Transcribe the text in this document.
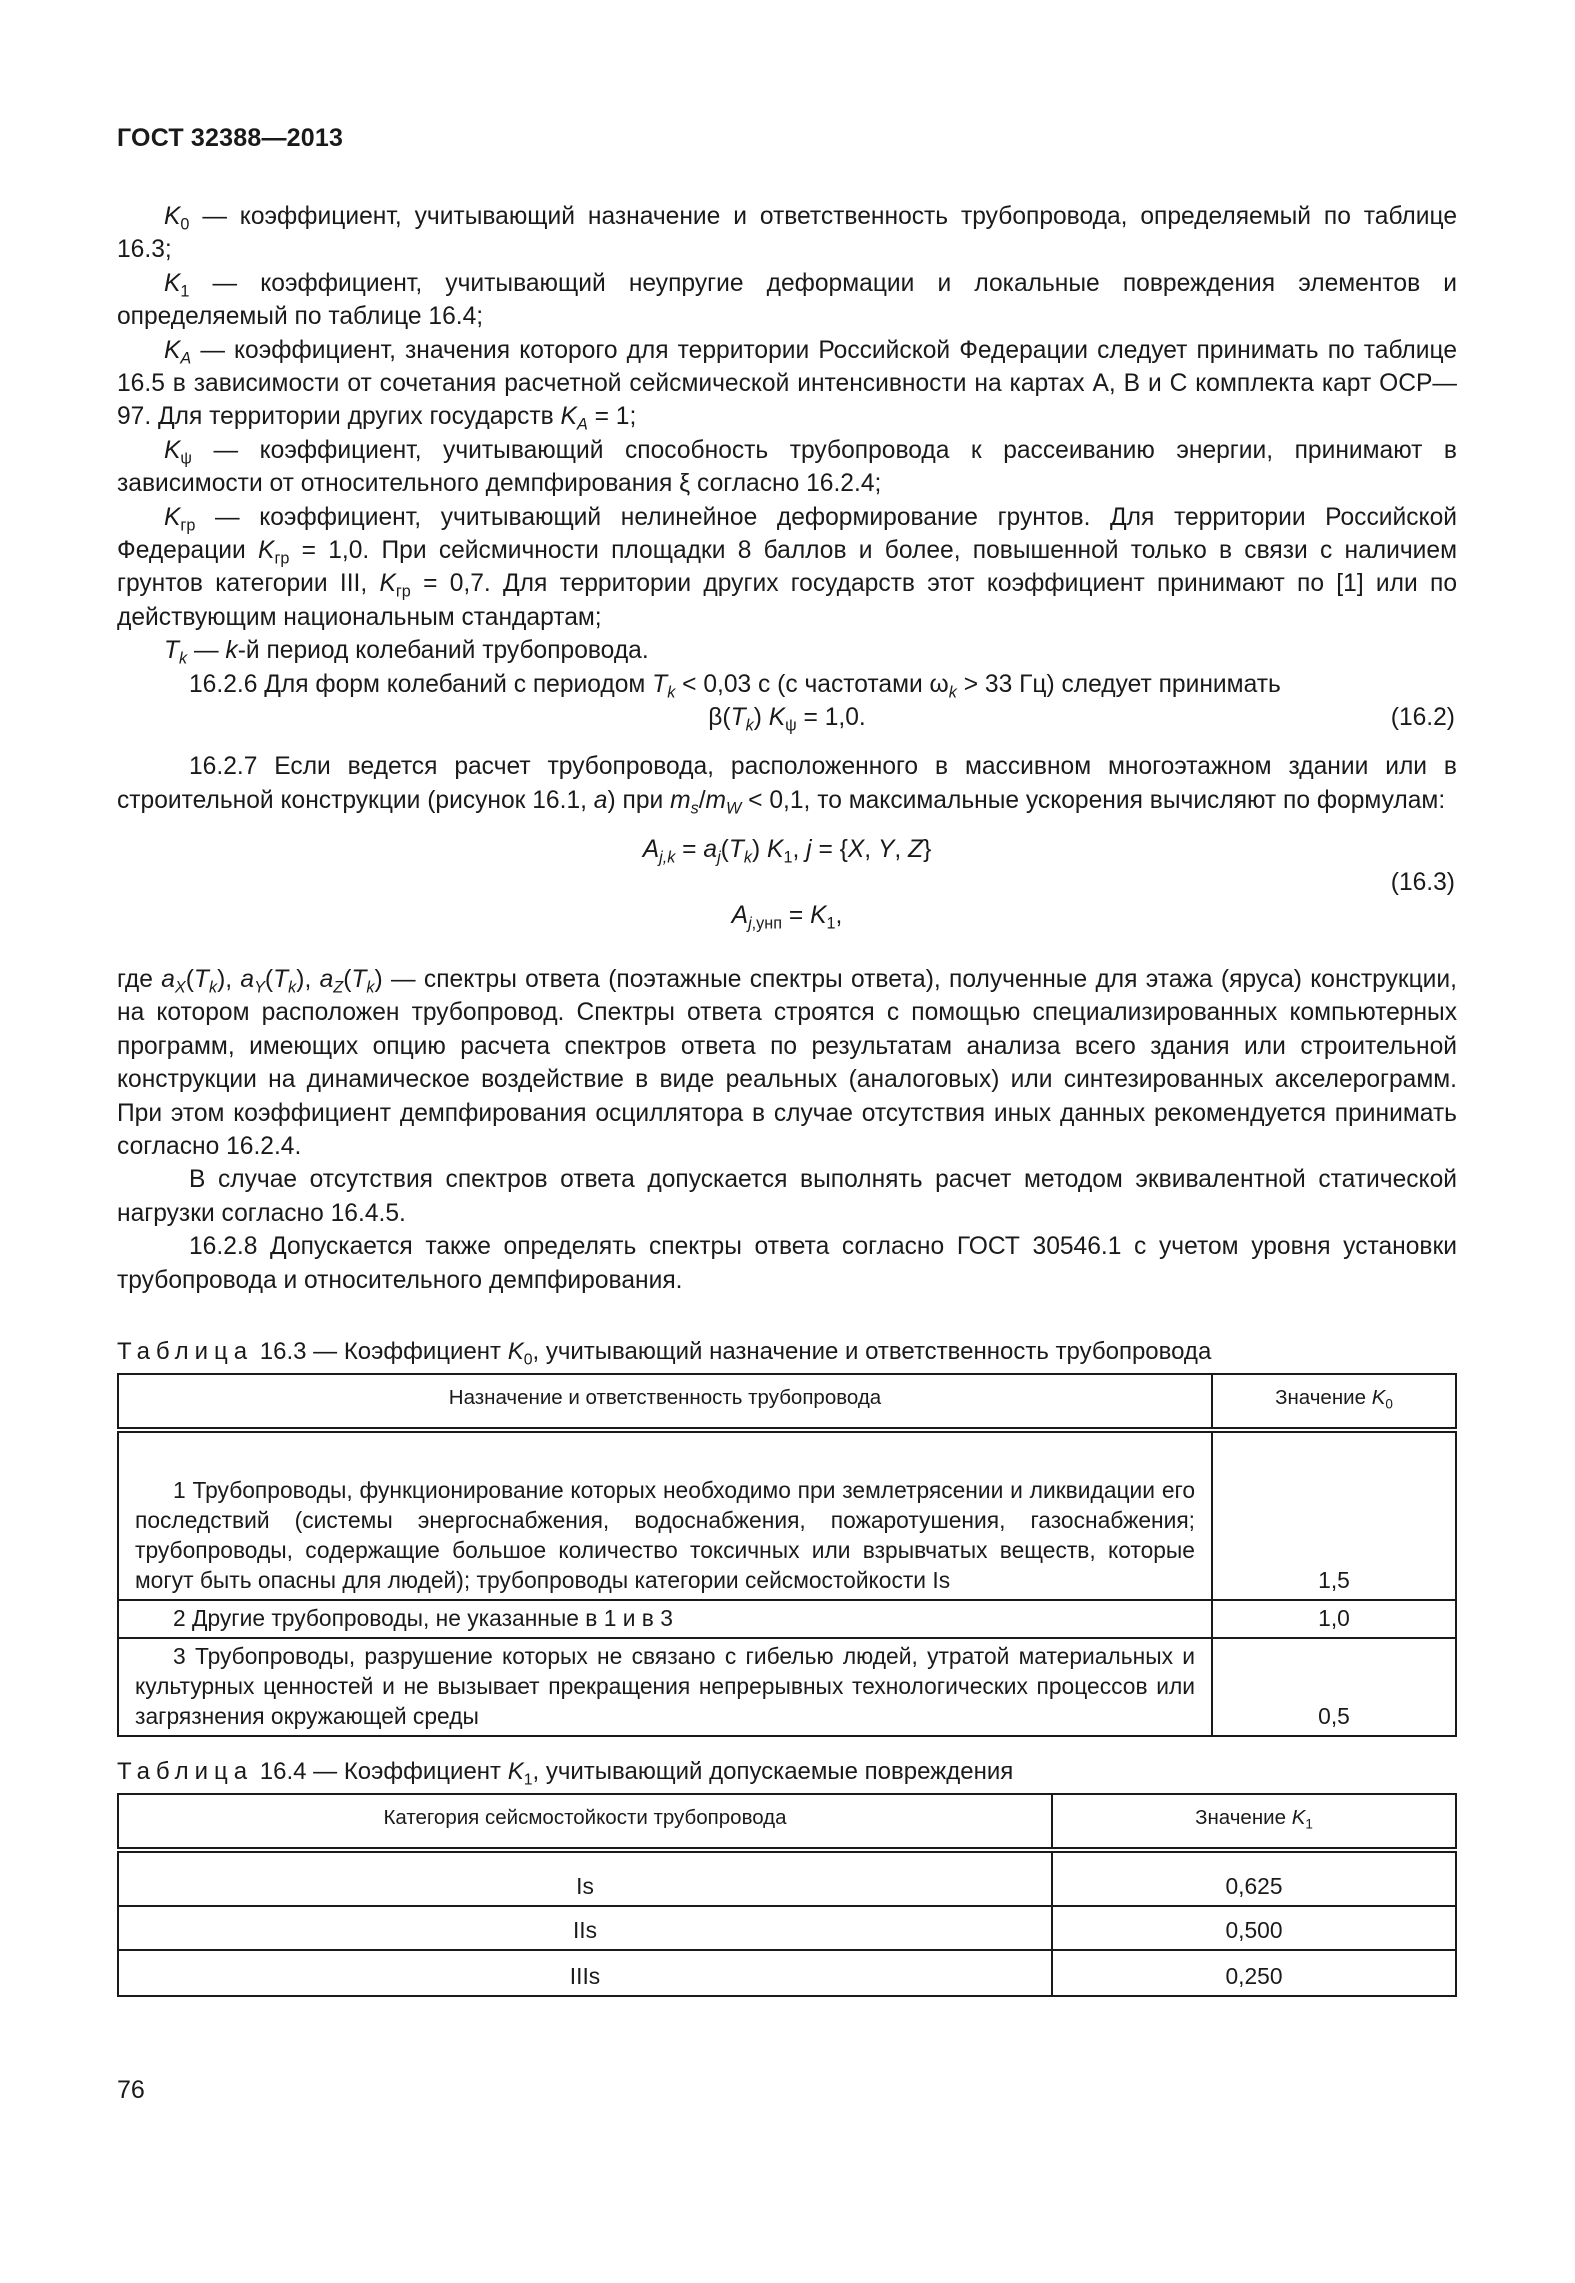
ГОСТ 32388—2013

$K_0$ — коэффициент, учитывающий назначение и ответственность трубопровода, определяемый по таблице 16.3;

$K_1$ — коэффициент, учитывающий неупругие деформации и локальные повреждения элементов и определяемый по таблице 16.4;

$K_A$ — коэффициент, значения которого для территории Российской Федерации следует принимать по таблице 16.5 в зависимости от сочетания расчетной сейсмической интенсивности на картах А, В и С комплекта карт ОСР—97. Для территории других государств $K_A = 1$;

$K_\psi$ — коэффициент, учитывающий способность трубопровода к рассеиванию энергии, принимают в зависимости от относительного демпфирования ξ согласно 16.2.4;

$K_{гр}$ — коэффициент, учитывающий нелинейное деформирование грунтов. Для территории Российской Федерации $K_{гр} = 1,0$. При сейсмичности площадки 8 баллов и более, повышенной только в связи с наличием грунтов категории III, $K_{гр} = 0,7$. Для территории других государств этот коэффициент принимают по [1] или по действующим национальным стандартам;

$T_k$ — k-й период колебаний трубопровода.

16.2.6 Для форм колебаний с периодом $T_k < 0,03$ с (с частотами $\omega_k > 33$ Гц) следует принимать

$\beta(T_k) K_\psi = 1,0$.	(16.2)

16.2.7 Если ведется расчет трубопровода, расположенного в массивном многоэтажном здании или в строительной конструкции (рисунок 16.1, а) при $m_s/m_W < 0,1$, то максимальные ускорения вычисляют по формулам:

$A_{j,k} = a_j(T_k)$ $K_1$, j = {X, Y, Z}
(16.3)
$A_{j,унп} = K_1$,

где $a_X(T_k)$, $a_Y(T_k)$, $a_Z(T_k)$ — спектры ответа (поэтажные спектры ответа), полученные для этажа (яруса) конструкции, на котором расположен трубопровод. Спектры ответа строятся с помощью специализированных компьютерных программ, имеющих опцию расчета спектров ответа по результатам анализа всего здания или строительной конструкции на динамическое воздействие в виде реальных (аналоговых) или синтезированных акселерограмм. При этом коэффициент демпфирования осциллятора в случае отсутствия иных данных рекомендуется принимать согласно 16.2.4.

В случае отсутствия спектров ответа допускается выполнять расчет методом эквивалентной статической нагрузки согласно 16.4.5.

16.2.8 Допускается также определять спектры ответа согласно ГОСТ 30546.1 с учетом уровня установки трубопровода и относительного демпфирования.

Таблица 16.3 — Коэффициент $K_0$, учитывающий назначение и ответственность трубопровода
Назначение и ответственность трубопровода	Значение $K_0$
1 Трубопроводы, функционирование которых необходимо при землетрясении и ликвидации его последствий (системы энергоснабжения, водоснабжения, пожаротушения, газоснабжения; трубопроводы, содержащие большое количество токсичных или взрывчатых веществ, которые могут быть опасны для людей); трубопроводы категории сейсмостойкости Is	1,5
2 Другие трубопроводы, не указанные в 1 и в 3	1,0
3 Трубопроводы, разрушение которых не связано с гибелью людей, утратой материальных и культурных ценностей и не вызывает прекращения непрерывных технологических процессов или загрязнения окружающей среды	0,5
Таблица 16.4 — Коэффициент $K_1$, учитывающий допускаемые повреждения
Категория сейсмостойкости трубопровода	Значение $K_1$
Is	0,625
IIs	0,500
IIIs	0,250
76
